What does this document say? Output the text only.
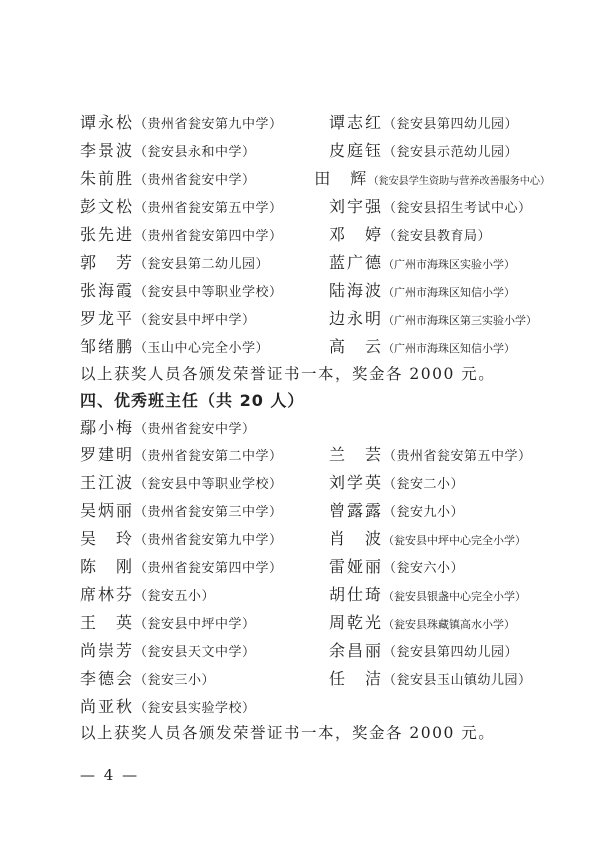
谭永松 （贵州省瓮安第九中学）	谭志红 （瓮安县第四幼儿园）
李景波 （瓮安县永和中学）	皮庭钰 （瓮安县示范幼儿园）
朱前胜 （贵州省瓮安中学）	田　辉 （瓮安县学生资助与营养改善服务中心）
彭文松 （贵州省瓮安第五中学）	刘宇强 （瓮安县招生考试中心）
张先进 （贵州省瓮安第四中学）	邓　婷 （瓮安县教育局）
郭　芳 （瓮安县第二幼儿园）	蓝广德 （广州市海珠区实验小学）
张海霞 （瓮安县中等职业学校）	陆海波 （广州市海珠区知信小学）
罗龙平 （瓮安县中坪中学）	边永明 （广州市海珠区第三实验小学）
邹绪鹏 （玉山中心完全小学）	高　云 （广州市海珠区知信小学）
以上获奖人员各颁发荣誉证书一本，奖金各 2000 元。
四、优秀班主任（共 20 人）
鄢小梅 （贵州省瓮安中学）
罗建明 （贵州省瓮安第二中学）	兰　芸 （贵州省瓮安第五中学）
王江波 （瓮安县中等职业学校）	刘学英 （瓮安二小）
吴炳丽 （贵州省瓮安第三中学）	曾露露 （瓮安九小）
吴　玲 （贵州省瓮安第九中学）	肖　波 （瓮安县中坪中心完全小学）
陈　刚 （贵州省瓮安第四中学）	雷娅丽 （瓮安六小）
席林芬 （瓮安五小）	胡仕琦 （瓮安县银盏中心完全小学）
王　英 （瓮安县中坪中学）	周乾光 （瓮安县珠藏镇高水小学）
尚崇芳 （瓮安县天文中学）	余昌丽 （瓮安县第四幼儿园）
李德会 （瓮安三小）	任　洁 （瓮安县玉山镇幼儿园）
尚亚秋 （瓮安县实验学校）
以上获奖人员各颁发荣誉证书一本，奖金各 2000 元。
— 4 —
